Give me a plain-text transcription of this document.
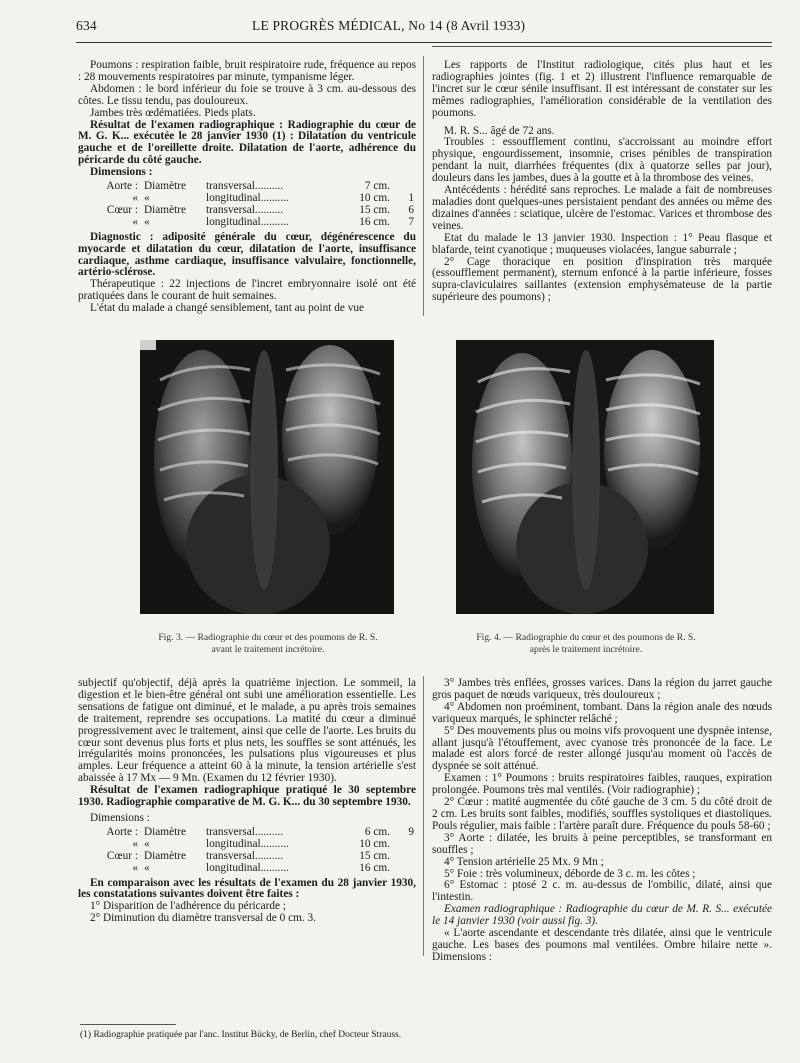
634	LE PROGRÈS MÉDICAL, No 14 (8 Avril 1933)

Poumons : respiration faible, bruit respiratoire rude, fréquence au repos : 28 mouvements respiratoires par minute, tympanisme léger.

Abdomen : le bord inférieur du foie se trouve à 3 cm. au-dessous des côtes. Le tissu tendu, pas douloureux.

Jambes très œdématiées. Pieds plats.

Résultat de l'examen radiographique : Radiographie du cœur de M. G. K... exécutée le 28 janvier 1930 (1) : Dilatation du ventricule gauche et de l'oreillette droite. Dilatation de l'aorte, adhérence du péricarde du côté gauche.

Dimensions :

Aorte : Diamètre	transversal..........	7 cm.
« «	longitudinal..........	10 cm.	1
Cœur : Diamètre	transversal..........	15 cm.	6
« «	longitudinal..........	16 cm.	7

Diagnostic : adiposité générale du cœur, dégénérescence du myocarde et dilatation du cœur, dilatation de l'aorte, insuffisance cardiaque, asthme cardiaque, insuffisance valvulaire, fonctionnelle, artério-sclérose.

Thérapeutique : 22 injections de l'incret embryonnaire isolé ont été pratiquées dans le courant de huit semaines.

L'état du malade a changé sensiblement, tant au point de vue

Les rapports de l'Institut radiologique, cités plus haut et les radiographies jointes (fig. 1 et 2) illustrent l'influence remarquable de l'incret sur le cœur sénile insuffisant. Il est intéressant de constater sur les mêmes radiographies, l'amélioration considérable de la ventilation des poumons.

M. R. S... âgé de 72 ans.

Troubles : essoufflement continu, s'accroissant au moindre effort physique, engourdissement, insomnie, crises pénibles de transpiration pendant la nuit, diarrhées fréquentes (dix à quatorze selles par jour), douleurs dans les jambes, dues à la goutte et à la thrombose des veines.

Antécédents : hérédité sans reproches. Le malade a fait de nombreuses maladies dont quelques-unes persistaient pendant des années ou même des dizaines d'années : sciatique, ulcère de l'estomac. Varices et thrombose des veines.

Etat du malade le 13 janvier 1930. Inspection : 1° Peau flasque et blafarde, teint cyanotique ; muqueuses violacées, langue saburrale ;

2° Cage thoracique en position d'inspiration très marquée (essoufflement permanent), sternum enfoncé à la partie inférieure, fosses supra-claviculaires saillantes (extension emphysémateuse de la partie supérieure des poumons) ;

Fig. 3. — Radiographie du cœur et des poumons de R. S.
avant le traitement incrétoire.
Fig. 4. — Radiographie du cœur et des poumons de R. S.
après le traitement incrétoire.

subjectif qu'objectif, déjà après la quatrième injection. Le sommeil, la digestion et le bien-être général ont subi une amélioration essentielle. Les sensations de fatigue ont diminué, et le malade, a pu après trois semaines de traitement, reprendre ses occupations. La matité du cœur a diminué progressivement avec le traitement, ainsi que celle de l'aorte. Les bruits du cœur sont devenus plus forts et plus nets, les souffles se sont atténués, les irrégularités moins prononcées, les pulsations plus vigoureuses et plus amples. Leur fréquence a atteint 60 à la minute, la tension artérielle s'est abaissée à 17 Mx — 9 Mn. (Examen du 12 février 1930).

Résultat de l'examen radiographique pratiqué le 30 septembre 1930. Radiographie comparative de M. G. K... du 30 septembre 1930.

Dimensions :

Aorte : Diamètre	transversal..........	6 cm.	9
« «	longitudinal..........	10 cm.
Cœur : Diamètre	transversal..........	15 cm.
« «	longitudinal..........	16 cm.

En comparaison avec les résultats de l'examen du 28 janvier 1930, les constatations suivantes doivent être faites :

1° Disparition de l'adhérence du péricarde ;

2° Diminution du diamètre transversal de 0 cm. 3.

(1) Radiographie pratiquée par l'anc. Institut Bücky, de Berlin, chef Docteur Strauss.

3° Jambes très enflées, grosses varices. Dans la région du jarret gauche gros paquet de nœuds variqueux, très douloureux ;

4° Abdomen non proéminent, tombant. Dans la région anale des nœuds variqueux marqués, le sphincter relâché ;

5° Des mouvements plus ou moins vifs provoquent une dyspnée intense, allant jusqu'à l'étouffement, avec cyanose très prononcée de la face. Le malade est alors forcé de rester allongé jusqu'au moment où l'accès de dyspnée se soit atténué.

Examen : 1° Poumons : bruits respiratoires faibles, rauques, expiration prolongée. Poumons très mal ventilés. (Voir radiographie) ;

2° Cœur : matité augmentée du côté gauche de 3 cm. 5 du côté droit de 2 cm. Les bruits sont faibles, modifiés, souffles systoliques et diastoliques. Pouls régulier, mais faible : l'artère paraît dure. Fréquence du pouls 58-60 ;

3° Aorte : dilatée, les bruits à peine perceptibles, se transformant en souffles ;

4° Tension artérielle 25 Mx. 9 Mn ;

5° Foie : très volumineux, déborde de 3 c. m. les côtes ;

6° Estomac : ptosé 2 c. m. au-dessus de l'ombilic, dilaté, ainsi que l'intestin.

Examen radiographique : Radiographie du cœur de M. R. S... exécutée le 14 janvier 1930 (voir aussi fig. 3).

« L'aorte ascendante et descendante très dilatée, ainsi que le ventricule gauche. Les bases des poumons mal ventilées. Ombre hilaire nette ». Dimensions :
